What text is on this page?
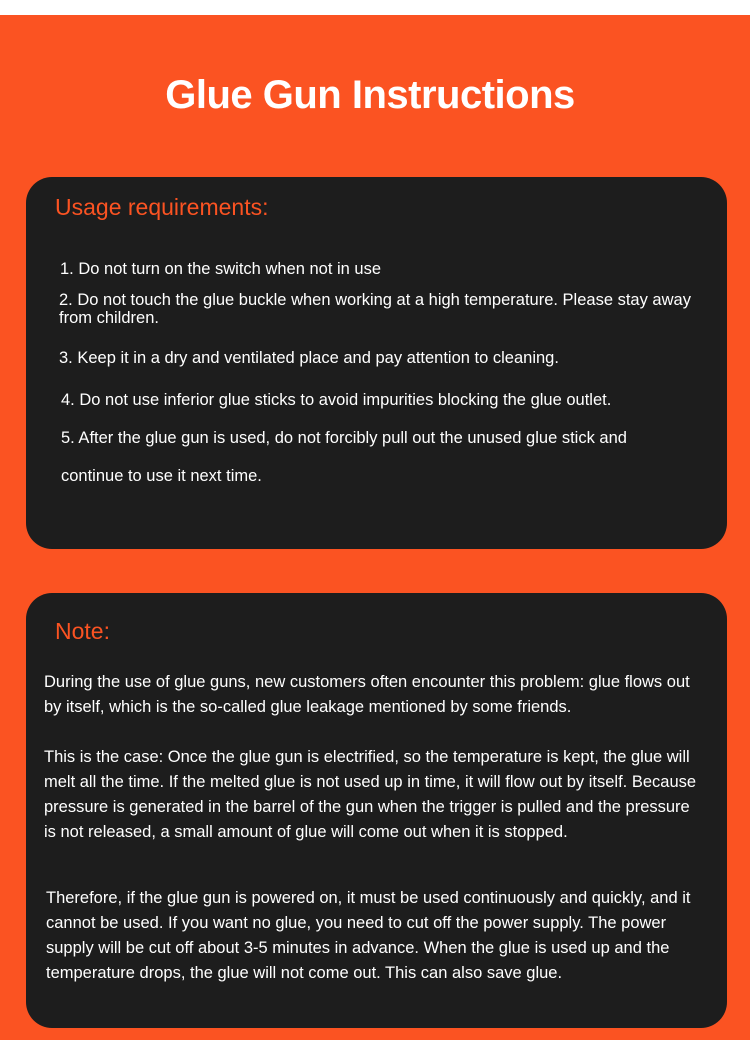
Glue Gun Instructions
Usage requirements:
1. Do not turn on the switch when not in use
2. Do not touch the glue buckle when working at a high temperature. Please stay away from children.
3. Keep it in a dry and ventilated place and pay attention to cleaning.
4. Do not use inferior glue sticks to avoid impurities blocking the glue outlet.
5. After the glue gun is used, do not forcibly pull out the unused glue stick and
continue to use it next time.
Note:
During the use of glue guns, new customers often encounter this problem: glue flows out by itself, which is the so-called glue leakage mentioned by some friends.
This is the case: Once the glue gun is electrified, so the temperature is kept, the glue will melt all the time. If the melted glue is not used up in time, it will flow out by itself. Because pressure is generated in the barrel of the gun when the trigger is pulled and the pressure is not released, a small amount of glue will come out when it is stopped.
Therefore, if the glue gun is powered on, it must be used continuously and quickly, and it cannot be used. If you want no glue, you need to cut off the power supply. The power supply will be cut off about 3-5 minutes in advance. When the glue is used up and the temperature drops, the glue will not come out. This can also save glue.
